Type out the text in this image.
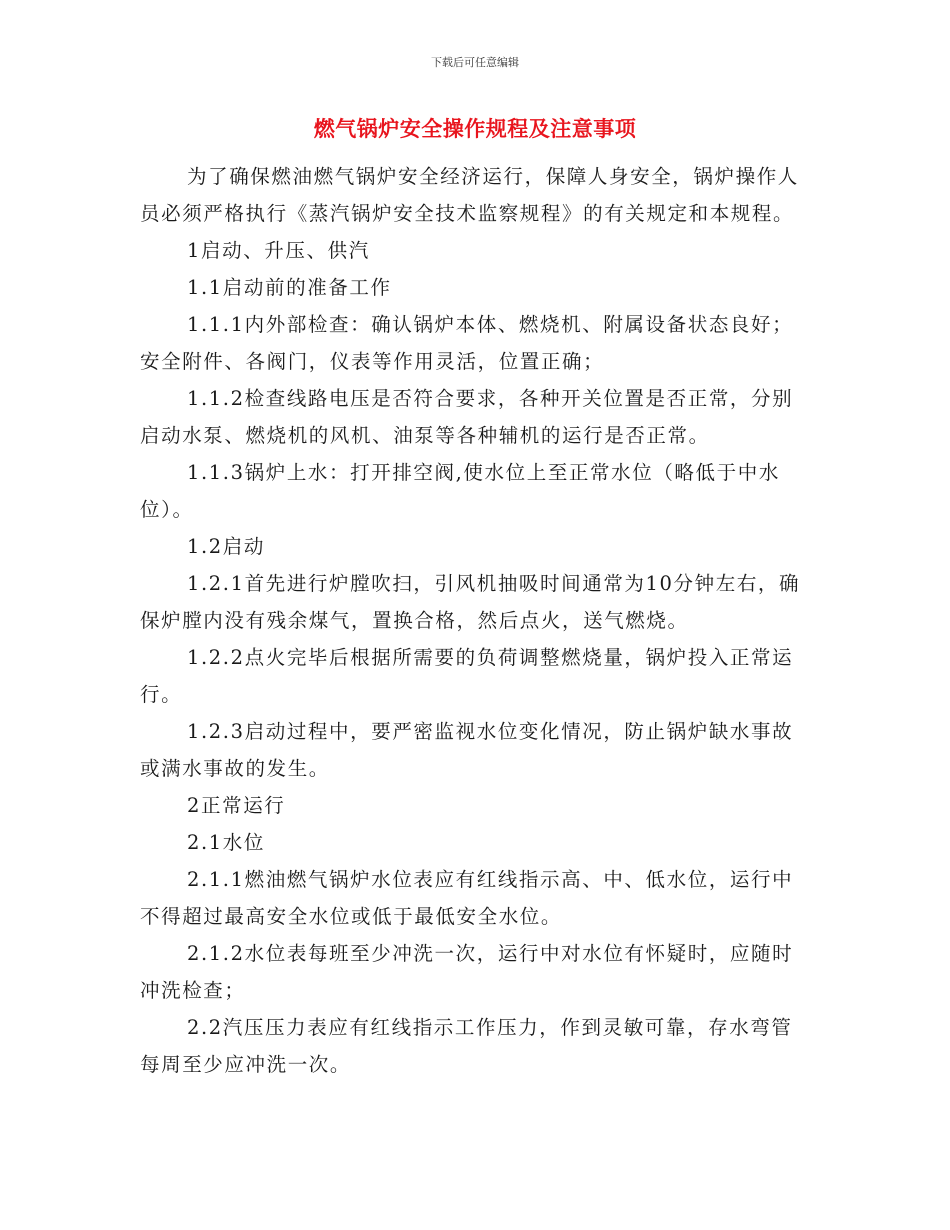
下载后可任意编辑
燃气锅炉安全操作规程及注意事项

为了确保燃油燃气锅炉安全经济运行，保障人身安全，锅炉操作人员必须严格执行《蒸汽锅炉安全技术监察规程》的有关规定和本规程。

1启动、升压、供汽

1.1启动前的准备工作

1.1.1内外部检查：确认锅炉本体、燃烧机、附属设备状态良好；安全附件、各阀门，仪表等作用灵活，位置正确；

1.1.2检查线路电压是否符合要求，各种开关位置是否正常，分别启动水泵、燃烧机的风机、油泵等各种辅机的运行是否正常。

1.1.3锅炉上水：打开排空阀,使水位上至正常水位（略低于中水位）。

1.2启动

1.2.1首先进行炉膛吹扫，引风机抽吸时间通常为10分钟左右，确保炉膛内没有残余煤气，置换合格，然后点火，送气燃烧。

1.2.2点火完毕后根据所需要的负荷调整燃烧量，锅炉投入正常运行。

1.2.3启动过程中，要严密监视水位变化情况，防止锅炉缺水事故或满水事故的发生。

2正常运行

2.1水位

2.1.1燃油燃气锅炉水位表应有红线指示高、中、低水位，运行中不得超过最高安全水位或低于最低安全水位。

2.1.2水位表每班至少冲洗一次，运行中对水位有怀疑时，应随时冲洗检查；

2.2汽压压力表应有红线指示工作压力，作到灵敏可靠，存水弯管每周至少应冲洗一次。
